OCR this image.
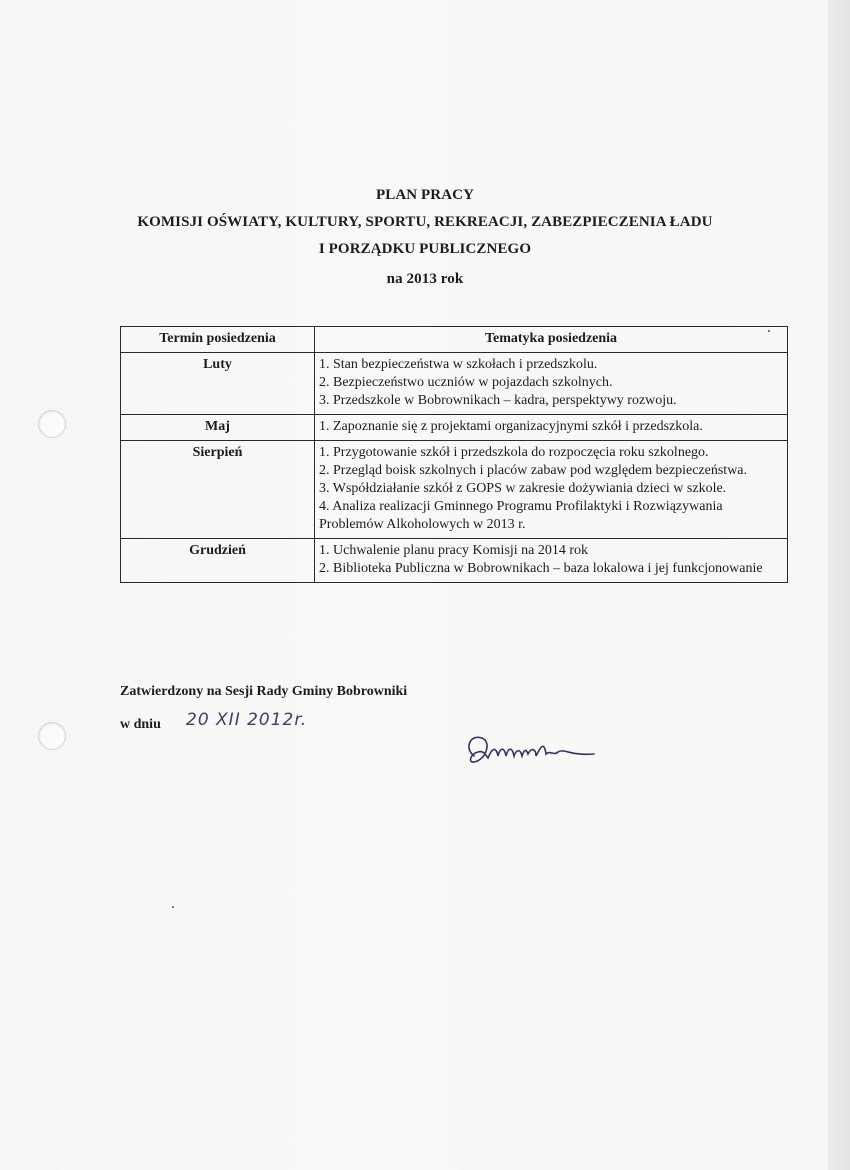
PLAN PRACY
KOMISJI OŚWIATY, KULTURY, SPORTU, REKREACJI, ZABEZPIECZENIA ŁADU
I PORZĄDKU PUBLICZNEGO
na 2013 rok
Termin posiedzenia	Tematyka posiedzenia
Luty	1. Stan bezpieczeństwa w szkołach i przedszkolu.
2. Bezpieczeństwo uczniów w pojazdach szkolnych.
3. Przedszkole w Bobrownikach – kadra, perspektywy rozwoju.

Maj	1. Zapoznanie się z projektami organizacyjnymi szkół i przedszkola.

Sierpień	1. Przygotowanie szkół i przedszkola do rozpoczęcia roku szkolnego.
2. Przegląd boisk szkolnych i placów zabaw pod względem bezpieczeństwa.
3. Współdziałanie szkół z GOPS w zakresie dożywiania dzieci w szkole.
4. Analiza realizacji Gminnego Programu Profilaktyki i Rozwiązywania Problemów Alkoholowych w 2013 r.

Grudzień	1. Uchwalenie planu pracy Komisji na 2014 rok
2. Biblioteka Publiczna w Bobrownikach – baza lokalowa i jej funkcjonowanie
Zatwierdzony na Sesji Rady Gminy Bobrowniki
w dniu 20 XII 2012r.
